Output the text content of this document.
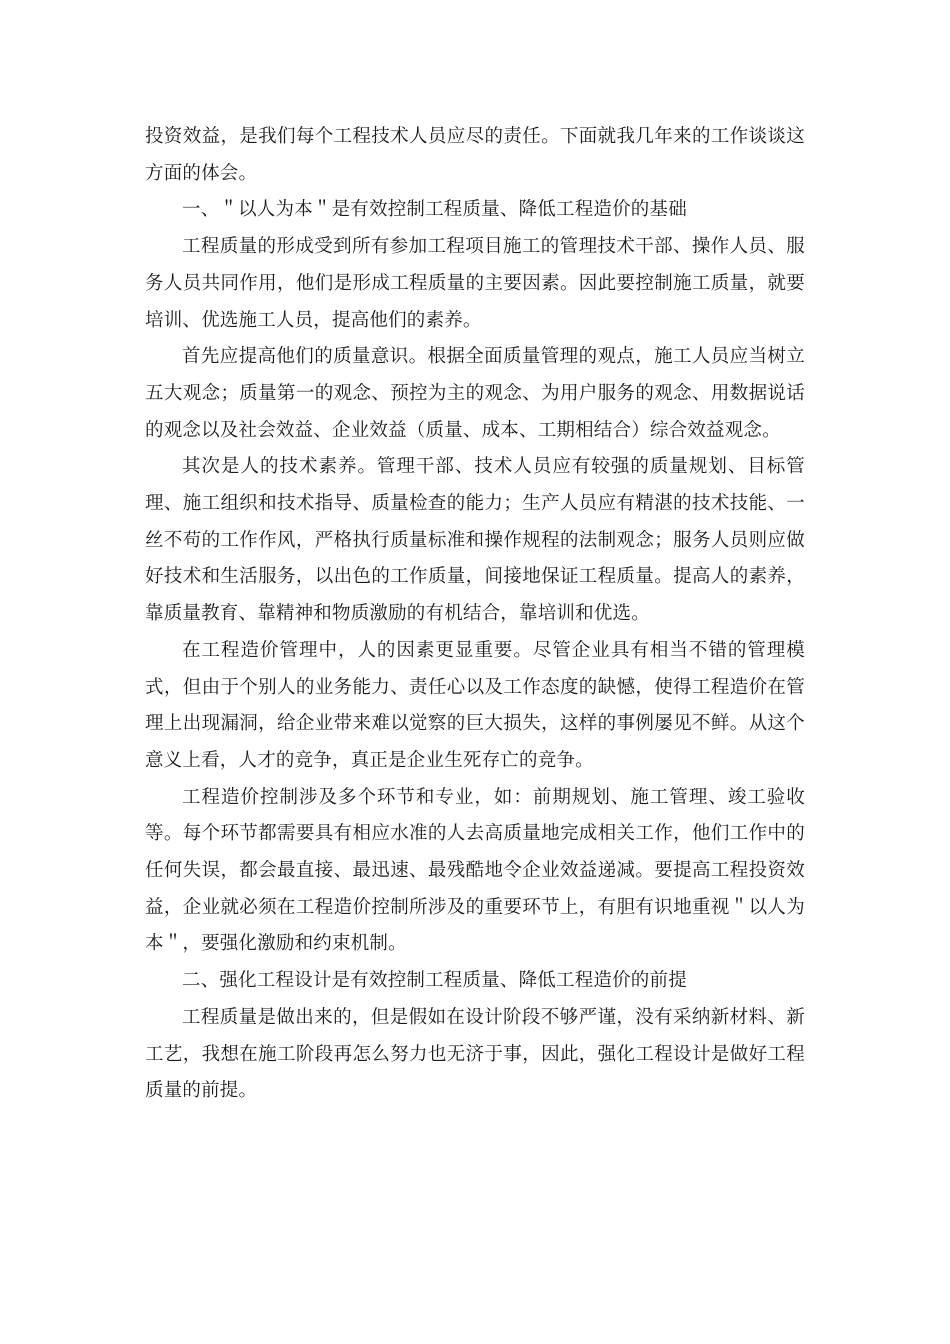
投资效益，是我们每个工程技术人员应尽的责任。下面就我几年来的工作谈谈这方面的体会。

一、＂以人为本＂是有效控制工程质量、降低工程造价的基础

工程质量的形成受到所有参加工程项目施工的管理技术干部、操作人员、服务人员共同作用，他们是形成工程质量的主要因素。因此要控制施工质量，就要培训、优选施工人员，提高他们的素养。

首先应提高他们的质量意识。根据全面质量管理的观点，施工人员应当树立五大观念；质量第一的观念、预控为主的观念、为用户服务的观念、用数据说话的观念以及社会效益、企业效益（质量、成本、工期相结合）综合效益观念。

其次是人的技术素养。管理干部、技术人员应有较强的质量规划、目标管理、施工组织和技术指导、质量检查的能力；生产人员应有精湛的技术技能、一丝不苟的工作作风，严格执行质量标准和操作规程的法制观念；服务人员则应做好技术和生活服务，以出色的工作质量，间接地保证工程质量。提高人的素养，靠质量教育、靠精神和物质激励的有机结合，靠培训和优选。

在工程造价管理中，人的因素更显重要。尽管企业具有相当不错的管理模式，但由于个别人的业务能力、责任心以及工作态度的缺憾，使得工程造价在管理上出现漏洞，给企业带来难以觉察的巨大损失，这样的事例屡见不鲜。从这个意义上看，人才的竞争，真正是企业生死存亡的竞争。

工程造价控制涉及多个环节和专业，如：前期规划、施工管理、竣工验收等。每个环节都需要具有相应水准的人去高质量地完成相关工作，他们工作中的任何失误，都会最直接、最迅速、最残酷地令企业效益递减。要提高工程投资效益，企业就必须在工程造价控制所涉及的重要环节上，有胆有识地重视＂以人为本＂，要强化激励和约束机制。

二、强化工程设计是有效控制工程质量、降低工程造价的前提

工程质量是做出来的，但是假如在设计阶段不够严谨，没有采纳新材料、新工艺，我想在施工阶段再怎么努力也无济于事，因此，强化工程设计是做好工程质量的前提。
